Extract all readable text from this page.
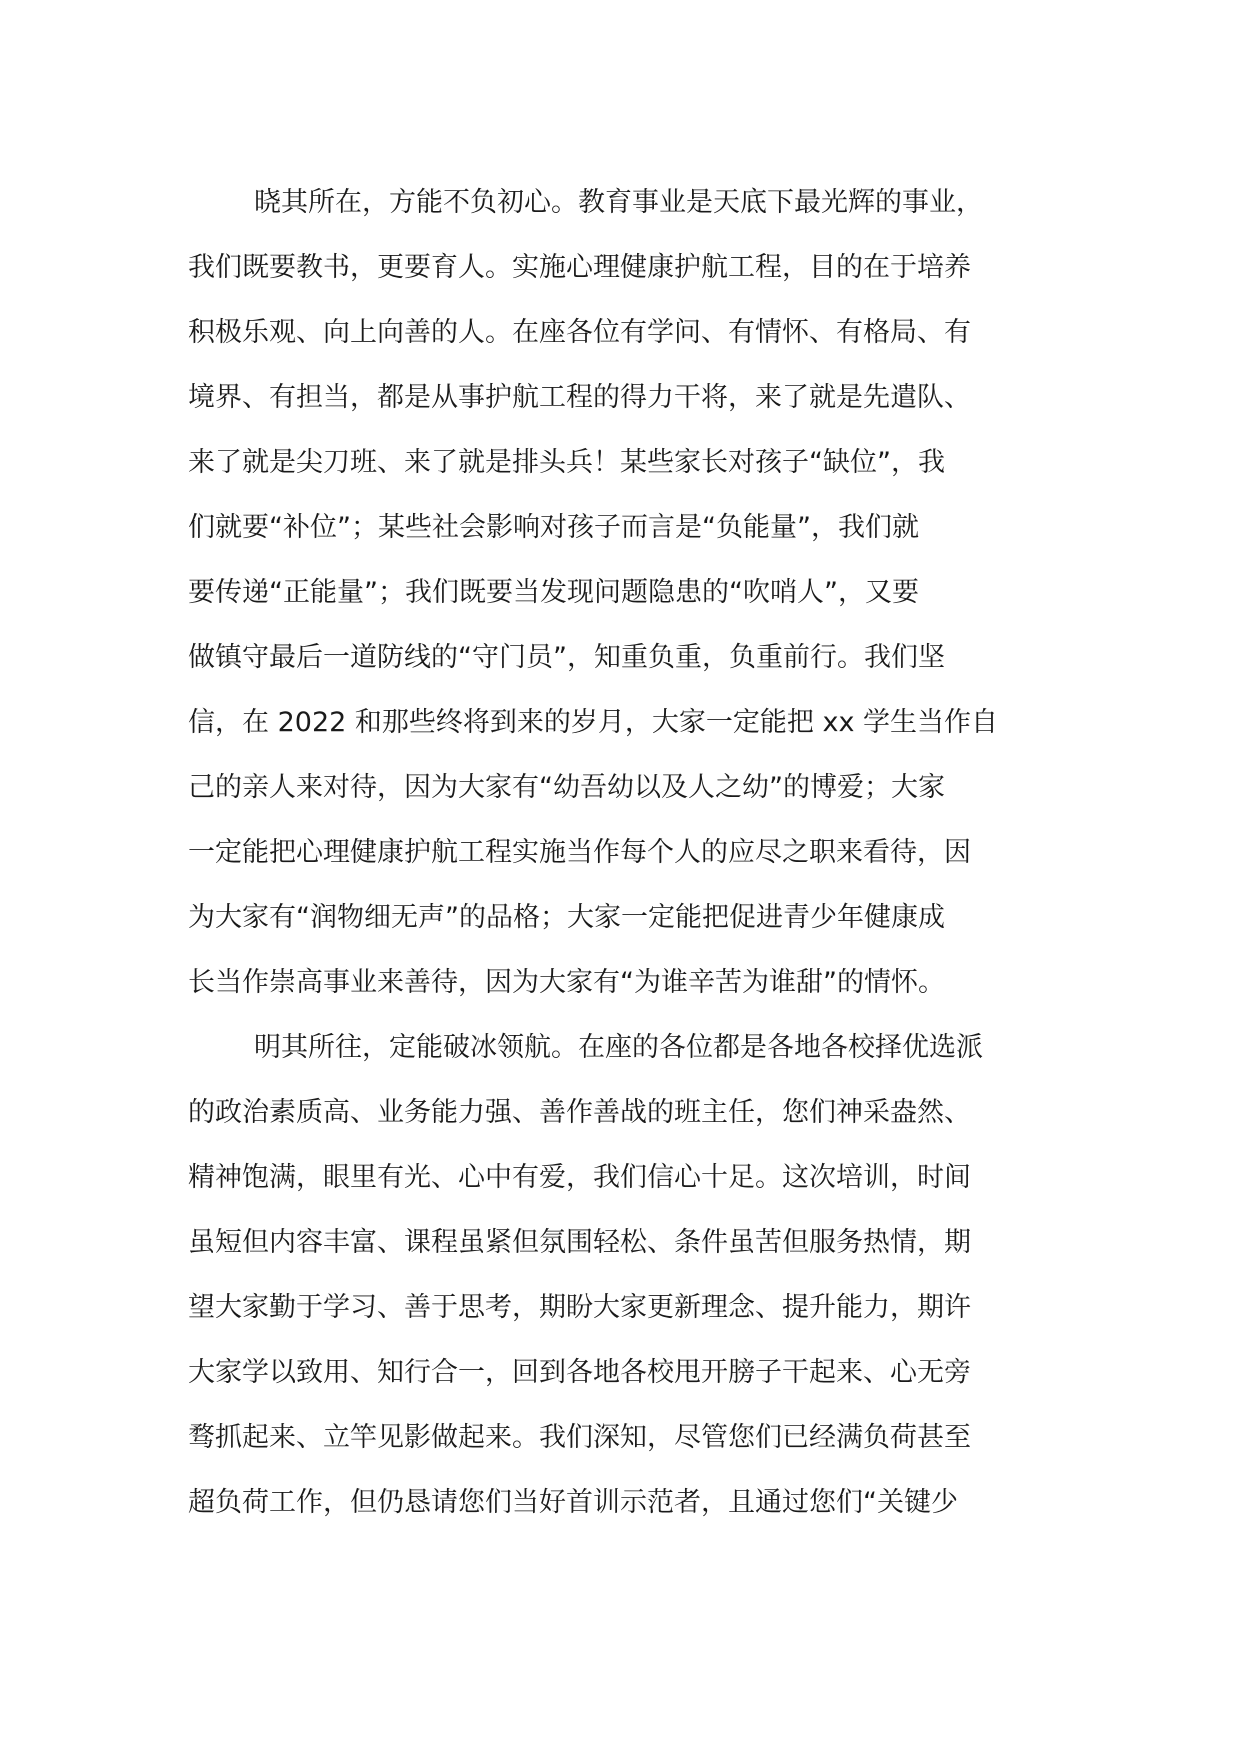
晓其所在，方能不负初心。教育事业是天底下最光辉的事业，
我们既要教书，更要育人。实施心理健康护航工程，目的在于培养
积极乐观、向上向善的人。在座各位有学问、有情怀、有格局、有
境界、有担当，都是从事护航工程的得力干将，来了就是先遣队、
来了就是尖刀班、来了就是排头兵！某些家长对孩子“缺位”，我
们就要“补位”；某些社会影响对孩子而言是“负能量”，我们就
要传递“正能量”；我们既要当发现问题隐患的“吹哨人”，又要
做镇守最后一道防线的“守门员”，知重负重，负重前行。我们坚
信，在 2022 和那些终将到来的岁月，大家一定能把 xx 学生当作自
己的亲人来对待，因为大家有“幼吾幼以及人之幼”的博爱；大家
一定能把心理健康护航工程实施当作每个人的应尽之职来看待，因
为大家有“润物细无声”的品格；大家一定能把促进青少年健康成
长当作崇高事业来善待，因为大家有“为谁辛苦为谁甜”的情怀。
明其所往，定能破冰领航。在座的各位都是各地各校择优选派
的政治素质高、业务能力强、善作善战的班主任，您们神采盎然、
精神饱满，眼里有光、心中有爱，我们信心十足。这次培训，时间
虽短但内容丰富、课程虽紧但氛围轻松、条件虽苦但服务热情，期
望大家勤于学习、善于思考，期盼大家更新理念、提升能力，期许
大家学以致用、知行合一，回到各地各校甩开膀子干起来、心无旁
骛抓起来、立竿见影做起来。我们深知，尽管您们已经满负荷甚至
超负荷工作，但仍恳请您们当好首训示范者，且通过您们“关键少
